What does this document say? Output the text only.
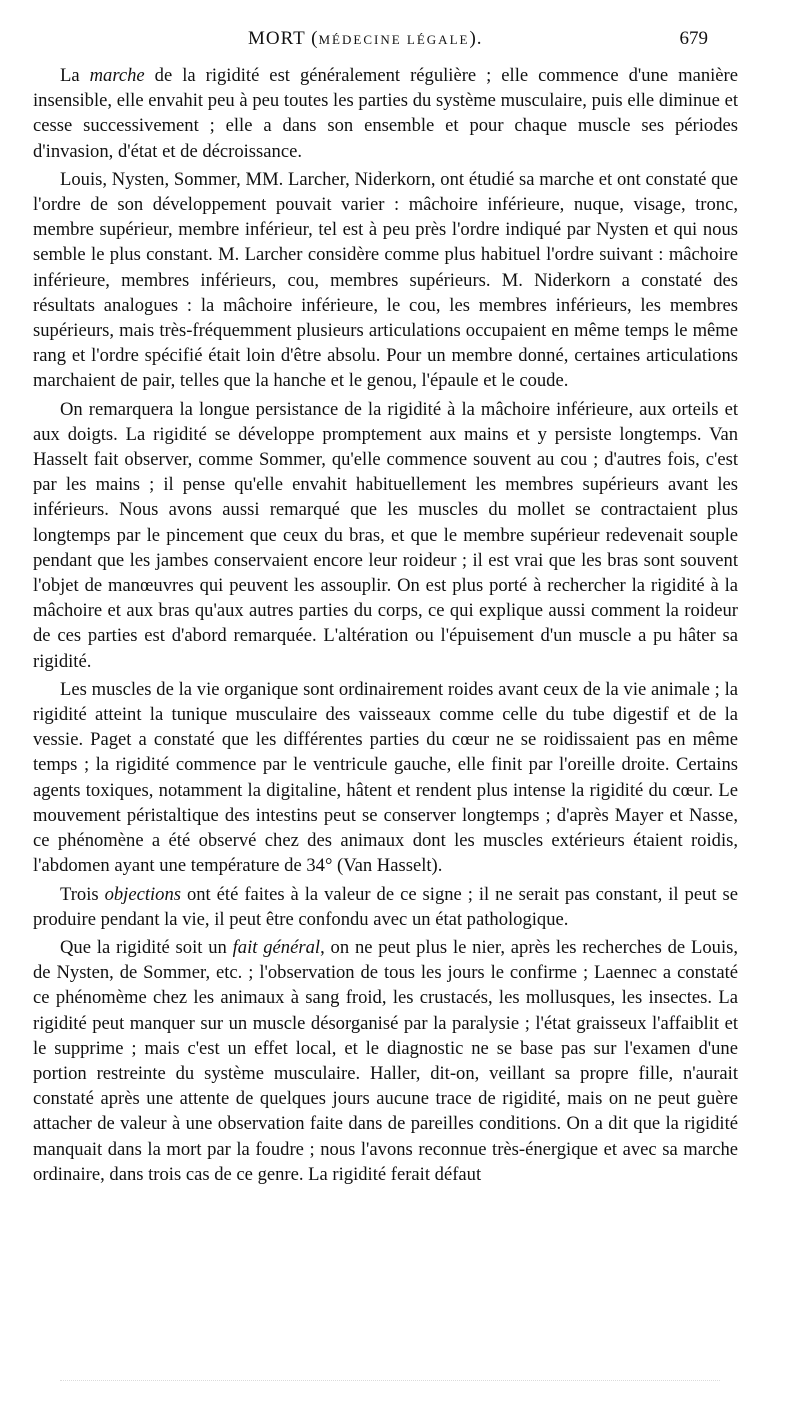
MORT (MÉDECINE LÉGALE).	679

La marche de la rigidité est généralement régulière ; elle commence d'une manière insensible, elle envahit peu à peu toutes les parties du système musculaire, puis elle diminue et cesse successivement ; elle a dans son ensemble et pour chaque muscle ses périodes d'invasion, d'état et de décroissance.

Louis, Nysten, Sommer, MM. Larcher, Niderkorn, ont étudié sa marche et ont constaté que l'ordre de son développement pouvait varier : mâchoire inférieure, nuque, visage, tronc, membre supérieur, membre inférieur, tel est à peu près l'ordre indiqué par Nysten et qui nous semble le plus constant. M. Larcher considère comme plus habituel l'ordre suivant : mâchoire inférieure, membres inférieurs, cou, membres supérieurs. M. Niderkorn a constaté des résultats analogues : la mâchoire inférieure, le cou, les membres inférieurs, les membres supérieurs, mais très-fréquemment plusieurs articulations occupaient en même temps le même rang et l'ordre spécifié était loin d'être absolu. Pour un membre donné, certaines articulations marchaient de pair, telles que la hanche et le genou, l'épaule et le coude.

On remarquera la longue persistance de la rigidité à la mâchoire inférieure, aux orteils et aux doigts. La rigidité se développe promptement aux mains et y persiste longtemps. Van Hasselt fait observer, comme Sommer, qu'elle commence souvent au cou ; d'autres fois, c'est par les mains ; il pense qu'elle envahit habituellement les membres supérieurs avant les inférieurs. Nous avons aussi remarqué que les muscles du mollet se contractaient plus longtemps par le pincement que ceux du bras, et que le membre supérieur redevenait souple pendant que les jambes conservaient encore leur roideur ; il est vrai que les bras sont souvent l'objet de manœuvres qui peuvent les assouplir. On est plus porté à rechercher la rigidité à la mâchoire et aux bras qu'aux autres parties du corps, ce qui explique aussi comment la roideur de ces parties est d'abord remarquée. L'altération ou l'épuisement d'un muscle a pu hâter sa rigidité.

Les muscles de la vie organique sont ordinairement roides avant ceux de la vie animale ; la rigidité atteint la tunique musculaire des vaisseaux comme celle du tube digestif et de la vessie. Paget a constaté que les différentes parties du cœur ne se roidissaient pas en même temps ; la rigidité commence par le ventricule gauche, elle finit par l'oreille droite. Certains agents toxiques, notamment la digitaline, hâtent et rendent plus intense la rigidité du cœur. Le mouvement péristaltique des intestins peut se conserver longtemps ; d'après Mayer et Nasse, ce phénomène a été observé chez des animaux dont les muscles extérieurs étaient roidis, l'abdomen ayant une température de 34° (Van Hasselt).

Trois objections ont été faites à la valeur de ce signe ; il ne serait pas constant, il peut se produire pendant la vie, il peut être confondu avec un état pathologique.

Que la rigidité soit un fait général, on ne peut plus le nier, après les recherches de Louis, de Nysten, de Sommer, etc. ; l'observation de tous les jours le confirme ; Laennec a constaté ce phénomème chez les animaux à sang froid, les crustacés, les mollusques, les insectes. La rigidité peut manquer sur un muscle désorganisé par la paralysie ; l'état graisseux l'affaiblit et le supprime ; mais c'est un effet local, et le diagnostic ne se base pas sur l'examen d'une portion restreinte du système musculaire. Haller, dit-on, veillant sa propre fille, n'aurait constaté après une attente de quelques jours aucune trace de rigidité, mais on ne peut guère attacher de valeur à une observation faite dans de pareilles conditions. On a dit que la rigidité manquait dans la mort par la foudre ; nous l'avons reconnue très-énergique et avec sa marche ordinaire, dans trois cas de ce genre. La rigidité ferait défaut
